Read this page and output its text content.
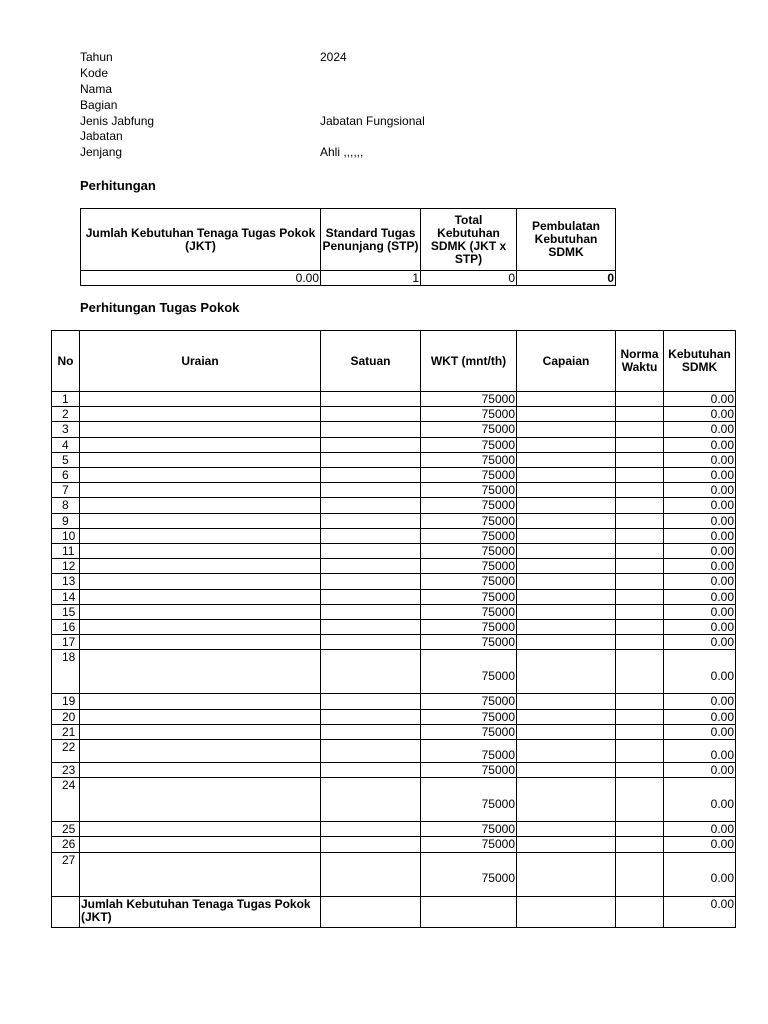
Tahun	2024
Kode
Nama
Bagian
Jenis Jabfung	Jabatan Fungsional
Jabatan
Jenjang	Ahli ,,,,,,
Perhitungan
Jumlah Kebutuhan Tenaga Tugas Pokok (JKT)	Standard Tugas Penunjang (STP)	Total Kebutuhan SDMK (JKT x STP)	Pembulatan Kebutuhan SDMK
0.00	1	0	0
Perhitungan Tugas Pokok
No	Uraian	Satuan	WKT (mnt/th)	Capaian	Norma Waktu	Kebutuhan SDMK
1			75000			0.00
2			75000			0.00
3			75000			0.00
4			75000			0.00
5			75000			0.00
6			75000			0.00
7			75000			0.00
8			75000			0.00
9			75000			0.00
10			75000			0.00
11			75000			0.00
12			75000			0.00
13			75000			0.00
14			75000			0.00
15			75000			0.00
16			75000			0.00
17			75000			0.00
18			75000			0.00
19			75000			0.00
20			75000			0.00
21			75000			0.00
22			75000			0.00
23			75000			0.00
24			75000			0.00
25			75000			0.00
26			75000			0.00
27			75000			0.00
	Jumlah Kebutuhan Tenaga Tugas Pokok (JKT)					0.00
